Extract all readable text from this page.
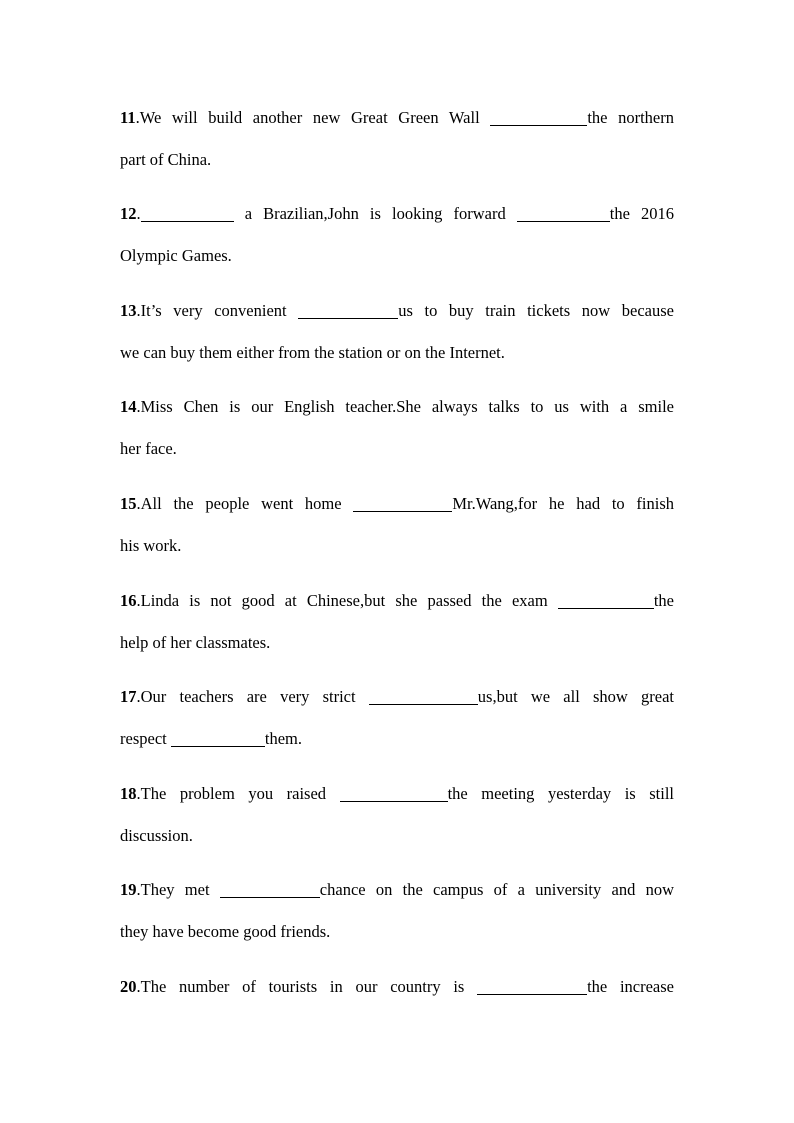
11.We will build another new Great Green Wall	the northern
part of China.
12.	a Brazilian,John is looking forward	the 2016
Olympic Games.
13.It’s very convenient	us to buy train tickets now because
we can buy them either from the station or on the Internet.
14.Miss Chen is our English teacher.She always talks to us with a smile
her face.
15.All the people went home	Mr.Wang,for he had to finish
his work.
16.Linda is not good at Chinese,but she passed the exam	the
help of her classmates.
17.Our teachers are very strict	us,but we all show great
respect	them.
18.The problem you raised	the meeting yesterday is still
discussion.
19.They met	chance on the campus of a university and now
they have become good friends.
20.The number of tourists in our country is	the increase
